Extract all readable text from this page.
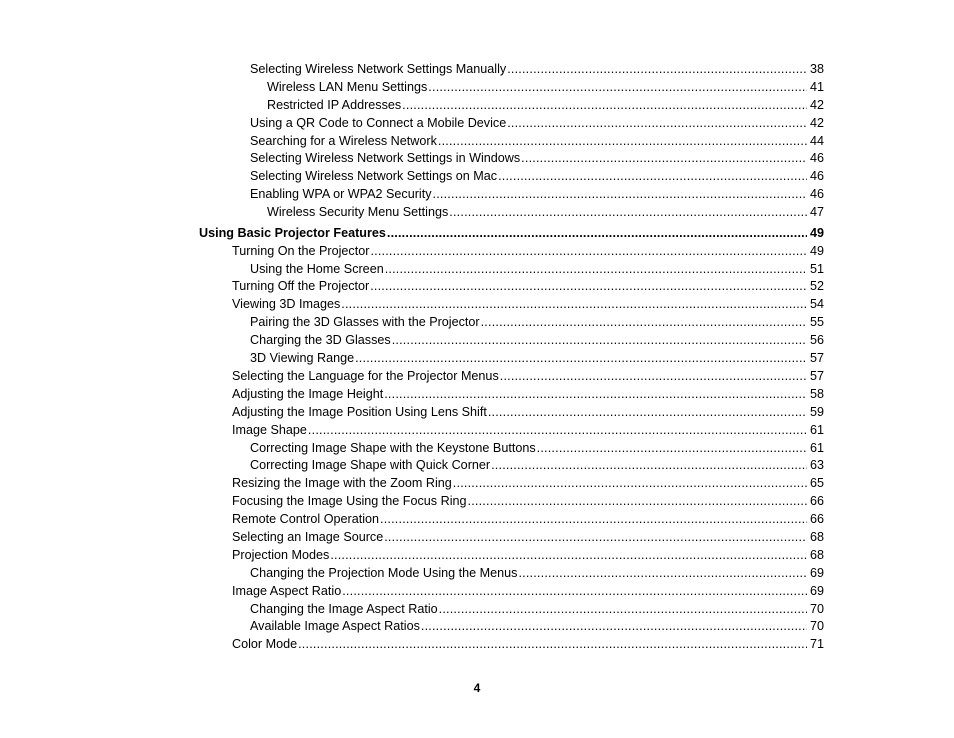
Selecting Wireless Network Settings Manually .....	38
Wireless LAN Menu Settings .....	41
Restricted IP Addresses .....	42
Using a QR Code to Connect a Mobile Device .....	42
Searching for a Wireless Network .....	44
Selecting Wireless Network Settings in Windows .....	46
Selecting Wireless Network Settings on Mac .....	46
Enabling WPA or WPA2 Security .....	46
Wireless Security Menu Settings .....	47
Using Basic Projector Features .....	49
Turning On the Projector .....	49
Using the Home Screen .....	51
Turning Off the Projector .....	52
Viewing 3D Images .....	54
Pairing the 3D Glasses with the Projector .....	55
Charging the 3D Glasses .....	56
3D Viewing Range .....	57
Selecting the Language for the Projector Menus .....	57
Adjusting the Image Height .....	58
Adjusting the Image Position Using Lens Shift .....	59
Image Shape .....	61
Correcting Image Shape with the Keystone Buttons .....	61
Correcting Image Shape with Quick Corner .....	63
Resizing the Image with the Zoom Ring .....	65
Focusing the Image Using the Focus Ring .....	66
Remote Control Operation .....	66
Selecting an Image Source .....	68
Projection Modes .....	68
Changing the Projection Mode Using the Menus .....	69
Image Aspect Ratio .....	69
Changing the Image Aspect Ratio .....	70
Available Image Aspect Ratios .....	70
Color Mode .....	71
4
